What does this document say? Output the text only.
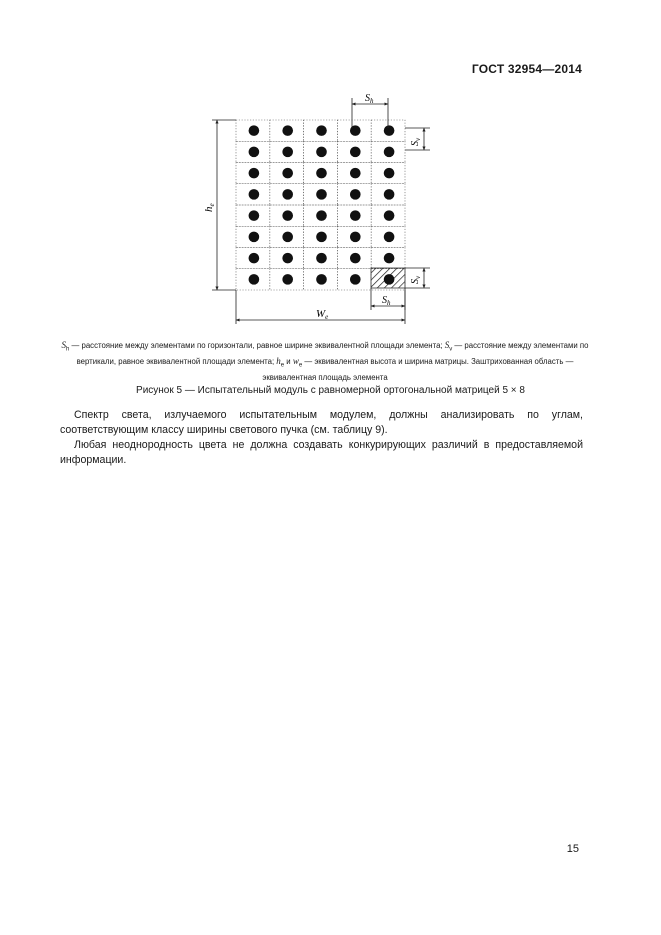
ГОСТ 32954—2014
$S_h$
$S_v$
$S_v$
$S_h$
he
We
$S_h$ — расстояние между элементами по горизонтали, равное ширине эквивалентной площади элемента; $S_v$ — расстояние между элементами по вертикали, равное эквивалентной площади элемента; $h_e$ и $w_e$ — эквивалентная высота и ширина матрицы. Заштрихованная область — эквивалентная площадь элемента
Рисунок 5 — Испытательный модуль с равномерной ортогональной матрицей 5 × 8

Спектр света, излучаемого испытательным модулем, должны анализировать по углам, соответствующим классу ширины светового пучка (см. таблицу 9).

Любая неоднородность цвета не должна создавать конкурирующих различий в предоставляемой информации.

15
